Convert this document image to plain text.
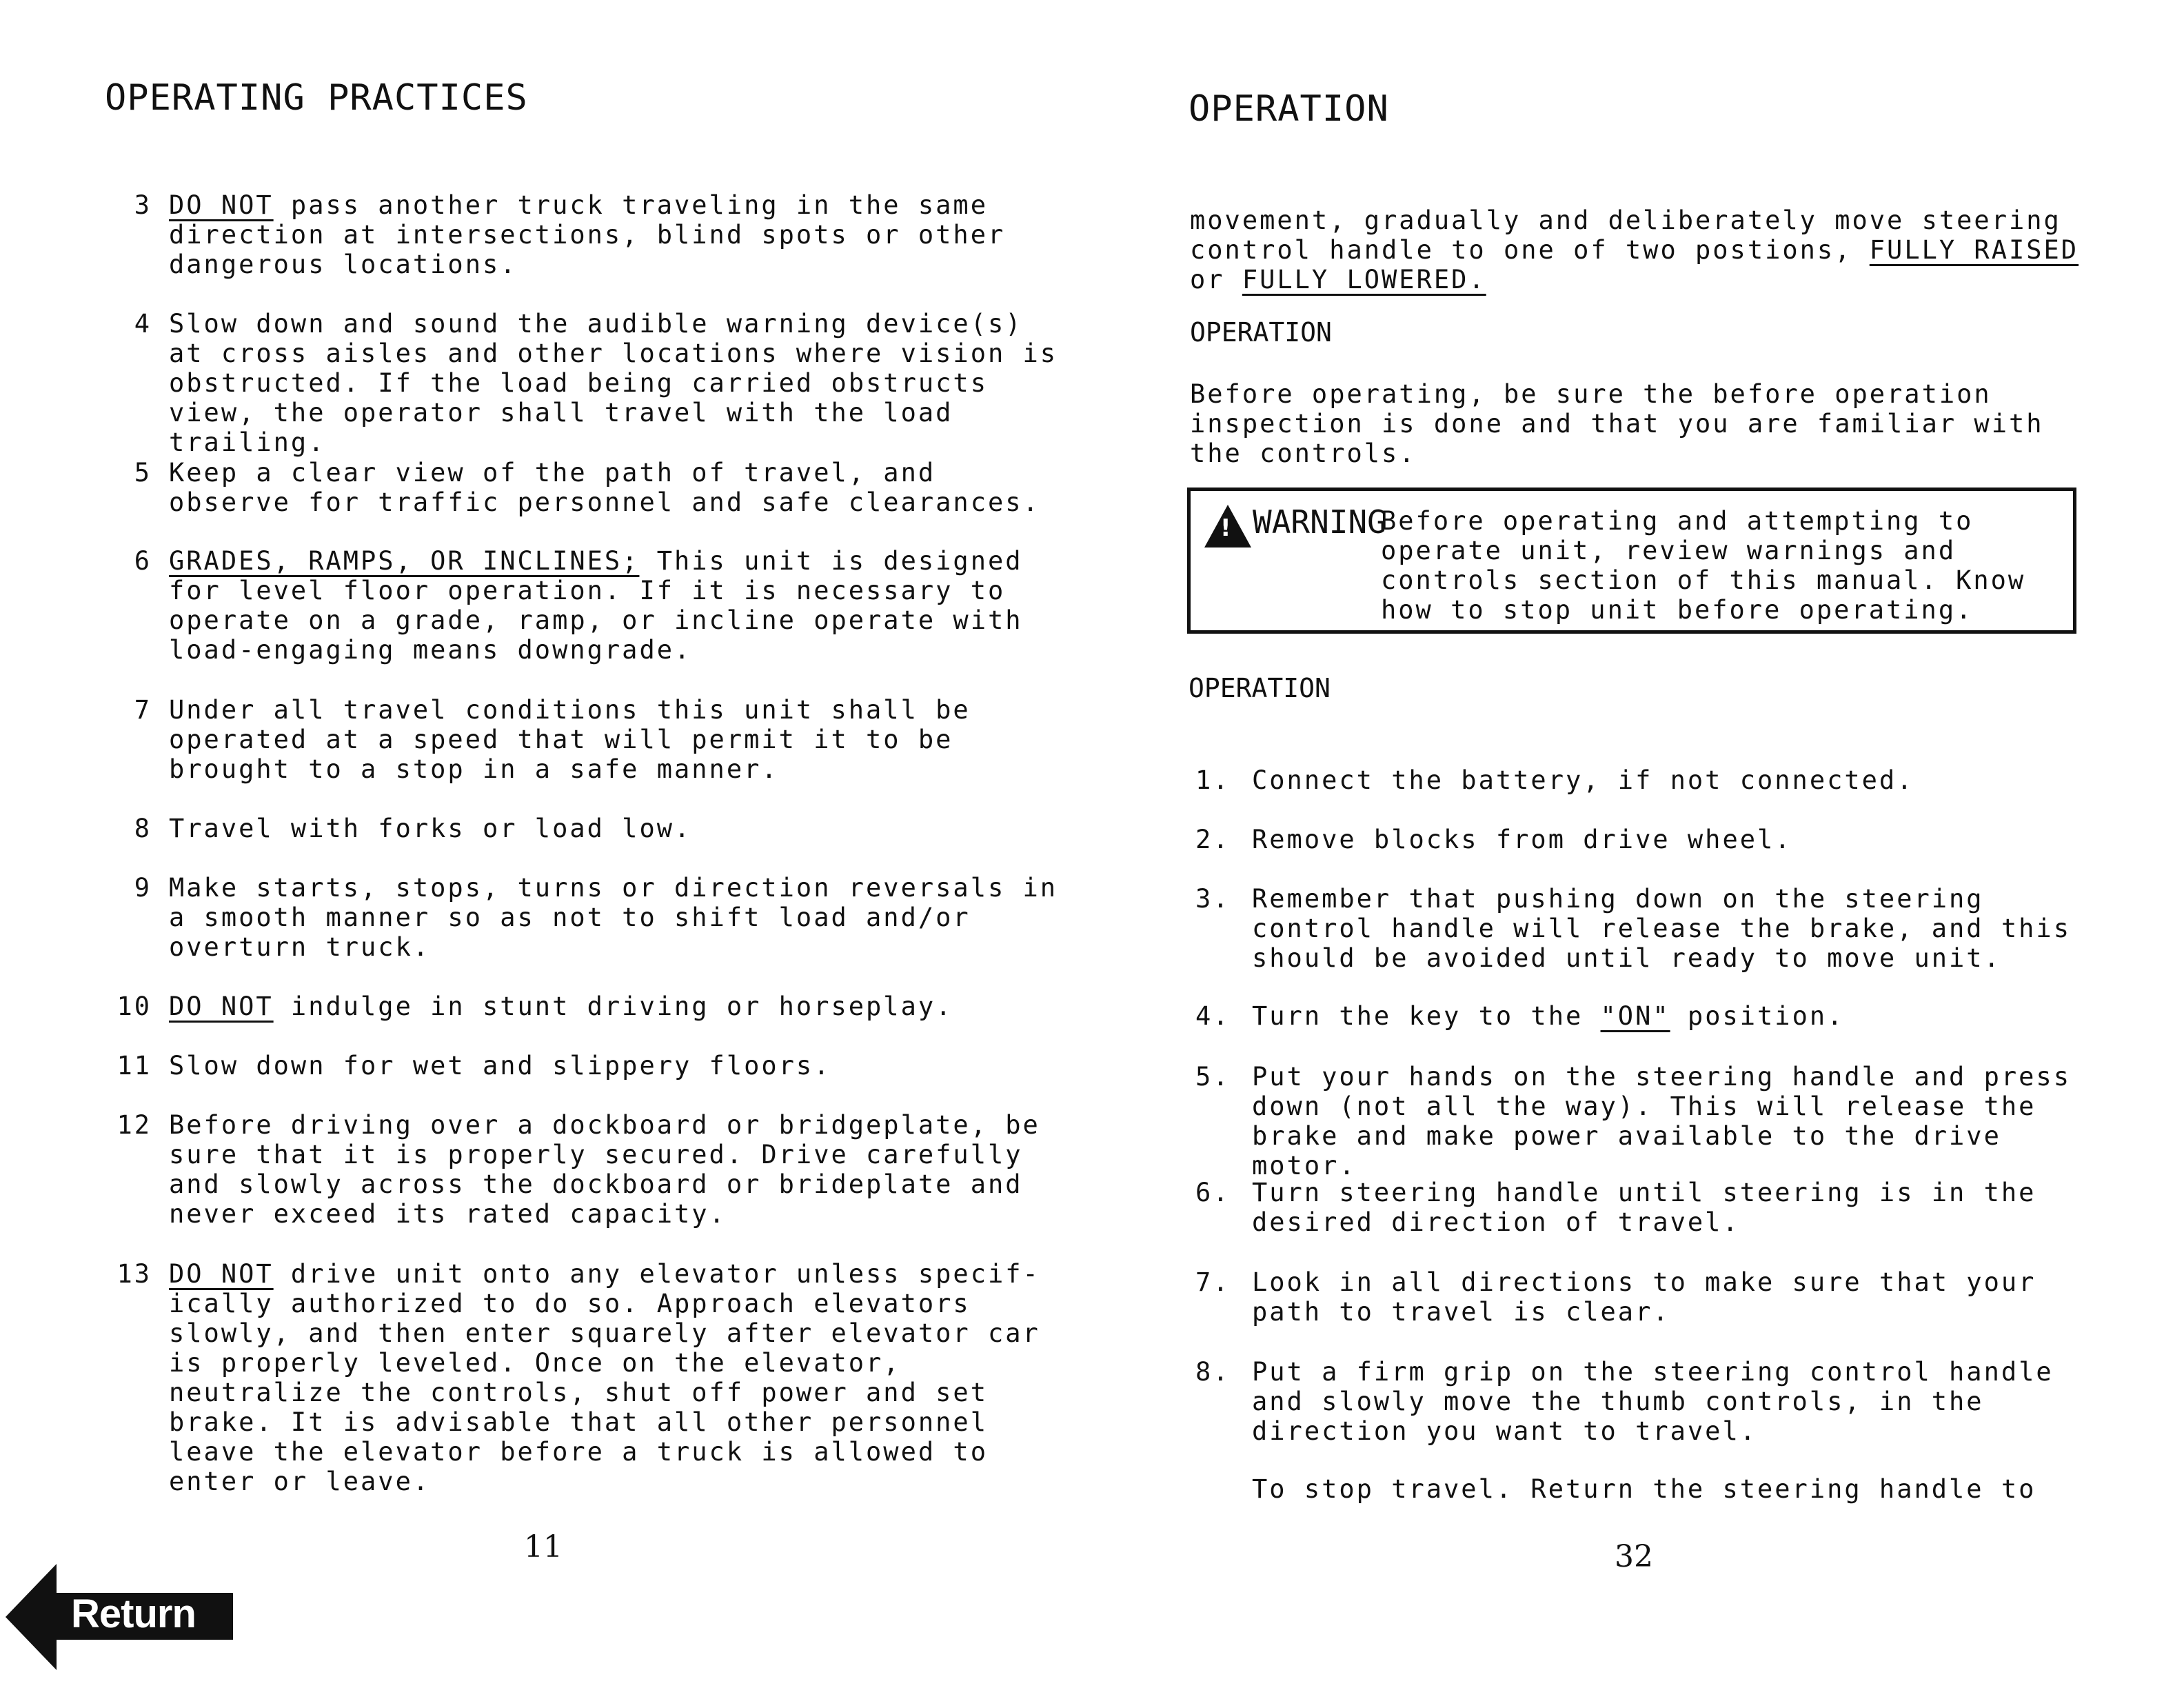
OPERATING PRACTICES
3 DO NOT pass another truck traveling in the same direction at intersections, blind spots or other dangerous locations.
4 Slow down and sound the audible warning device(s) at cross aisles and other locations where vision is obstructed. If the load being carried obstructs view, the operator shall travel with the load trailing.
5 Keep a clear view of the path of travel, and observe for traffic personnel and safe clearances.
6 GRADES, RAMPS, OR INCLINES; This unit is designed for level floor operation. If it is necessary to operate on a grade, ramp, or incline operate with load-engaging means downgrade.
7 Under all travel conditions this unit shall be operated at a speed that will permit it to be brought to a stop in a safe manner.
8 Travel with forks or load low.
9 Make starts, stops, turns or direction reversals in a smooth manner so as not to shift load and/or overturn truck.
10 DO NOT indulge in stunt driving or horseplay.
11 Slow down for wet and slippery floors.
12 Before driving over a dockboard or bridgeplate, be sure that it is properly secured. Drive carefully and slowly across the dockboard or brideplate and never exceed its rated capacity.
13 DO NOT drive unit onto any elevator unless specif-ically authorized to do so. Approach elevators slowly, and then enter squarely after elevator car is properly leveled. Once on the elevator, neutralize the controls, shut off power and set brake. It is advisable that all other personnel leave the elevator before a truck is allowed to enter or leave.
11
OPERATION
movement, gradually and deliberately move steering control handle to one of two postions, FULLY RAISED or FULLY LOWERED.
OPERATION
Before operating, be sure the before operation inspection is done and that you are familiar with the controls.
! WARNING
Before operating and attempting to operate unit, review warnings and controls section of this manual. Know how to stop unit before operating.
OPERATION
1. Connect the battery, if not connected.
2. Remove blocks from drive wheel.
3. Remember that pushing down on the steering control handle will release the brake, and this should be avoided until ready to move unit.
4. Turn the key to the "ON" position.
5. Put your hands on the steering handle and press down (not all the way). This will release the brake and make power available to the drive motor.
6. Turn steering handle until steering is in the desired direction of travel.
7. Look in all directions to make sure that your path to travel is clear.
8. Put a firm grip on the steering control handle and slowly move the thumb controls, in the direction you want to travel.
To stop travel. Return the steering handle to
32
Return
